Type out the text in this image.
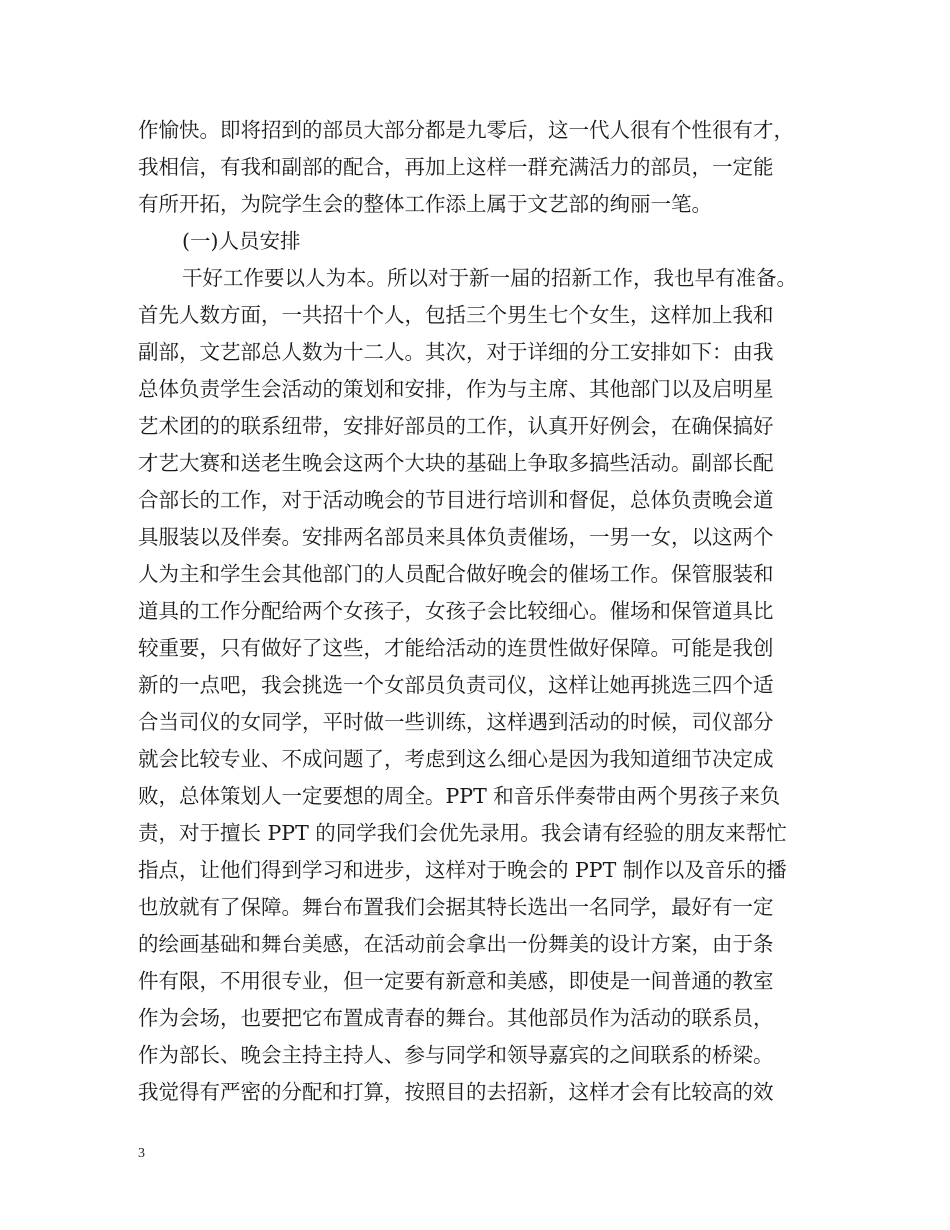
作愉快。即将招到的部员大部分都是九零后，这一代人很有个性很有才，
我相信，有我和副部的配合，再加上这样一群充满活力的部员，一定能
有所开拓，为院学生会的整体工作添上属于文艺部的绚丽一笔。
(一)人员安排
干好工作要以人为本。所以对于新一届的招新工作，我也早有准备。
首先人数方面，一共招十个人，包括三个男生七个女生，这样加上我和
副部，文艺部总人数为十二人。其次，对于详细的分工安排如下：由我
总体负责学生会活动的策划和安排，作为与主席、其他部门以及启明星
艺术团的的联系纽带，安排好部员的工作，认真开好例会，在确保搞好
才艺大赛和送老生晚会这两个大块的基础上争取多搞些活动。副部长配
合部长的工作，对于活动晚会的节目进行培训和督促，总体负责晚会道
具服装以及伴奏。安排两名部员来具体负责催场，一男一女，以这两个
人为主和学生会其他部门的人员配合做好晚会的催场工作。保管服装和
道具的工作分配给两个女孩子，女孩子会比较细心。催场和保管道具比
较重要，只有做好了这些，才能给活动的连贯性做好保障。可能是我创
新的一点吧，我会挑选一个女部员负责司仪，这样让她再挑选三四个适
合当司仪的女同学，平时做一些训练，这样遇到活动的时候，司仪部分
就会比较专业、不成问题了，考虑到这么细心是因为我知道细节决定成
败，总体策划人一定要想的周全。PPT 和音乐伴奏带由两个男孩子来负
责，对于擅长 PPT 的同学我们会优先录用。我会请有经验的朋友来帮忙
指点，让他们得到学习和进步，这样对于晚会的 PPT 制作以及音乐的播
也放就有了保障。舞台布置我们会据其特长选出一名同学，最好有一定
的绘画基础和舞台美感，在活动前会拿出一份舞美的设计方案，由于条
件有限，不用很专业，但一定要有新意和美感，即使是一间普通的教室
作为会场，也要把它布置成青春的舞台。其他部员作为活动的联系员，
作为部长、晚会主持主持人、参与同学和领导嘉宾的之间联系的桥梁。
我觉得有严密的分配和打算，按照目的去招新，这样才会有比较高的效
3
